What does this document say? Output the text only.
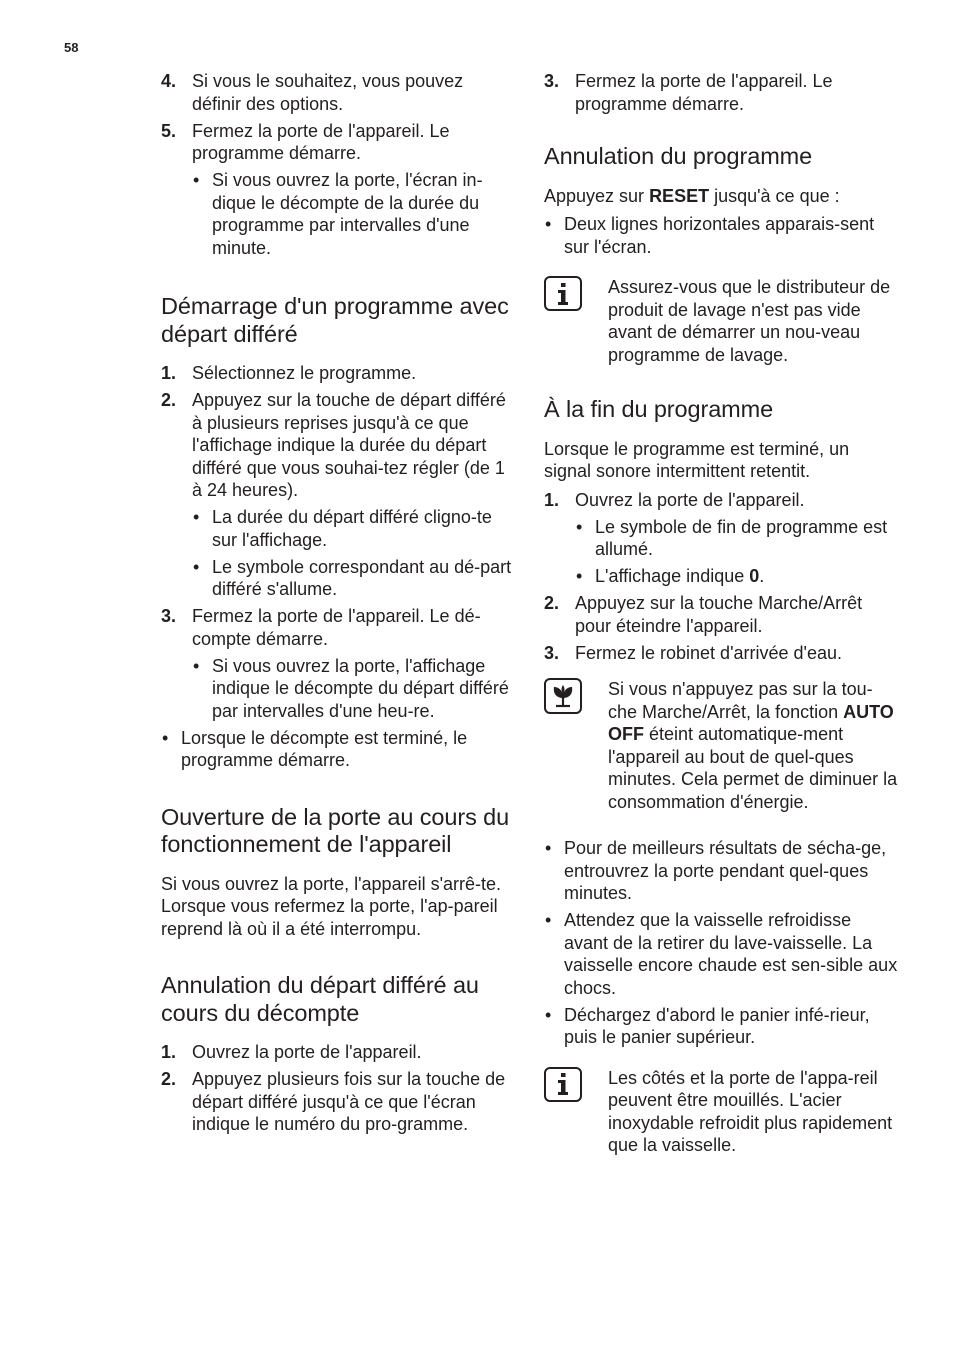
58
4. Si vous le souhaitez, vous pouvez définir des options.
5. Fermez la porte de l'appareil. Le programme démarre.
• Si vous ouvrez la porte, l'écran in-dique le décompte de la durée du programme par intervalles d'une minute.
Démarrage d'un programme avec départ différé
1. Sélectionnez le programme.
2. Appuyez sur la touche de départ différé à plusieurs reprises jusqu'à ce que l'affichage indique la durée du départ différé que vous souhai-tez régler (de 1 à 24 heures).
• La durée du départ différé cligno-te sur l'affichage.
• Le symbole correspondant au dé-part différé s'allume.
3. Fermez la porte de l'appareil. Le dé-compte démarre.
• Si vous ouvrez la porte, l'affichage indique le décompte du départ différé par intervalles d'une heu-re.
• Lorsque le décompte est terminé, le programme démarre.
Ouverture de la porte au cours du fonctionnement de l'appareil

Si vous ouvrez la porte, l'appareil s'arrê-te. Lorsque vous refermez la porte, l'ap-pareil reprend là où il a été interrompu.

Annulation du départ différé au cours du décompte
1. Ouvrez la porte de l'appareil.
2. Appuyez plusieurs fois sur la touche de départ différé jusqu'à ce que l'écran indique le numéro du pro-gramme.
3. Fermez la porte de l'appareil. Le programme démarre.
Annulation du programme

Appuyez sur RESET jusqu'à ce que :

• Deux lignes horizontales apparais-sent sur l'écran.
Assurez-vous que le distributeur de produit de lavage n'est pas vide avant de démarrer un nou-veau programme de lavage.
À la fin du programme

Lorsque le programme est terminé, un signal sonore intermittent retentit.

1. Ouvrez la porte de l'appareil.
• Le symbole de fin de programme est allumé.
• L'affichage indique 0.
2. Appuyez sur la touche Marche/Arrêt pour éteindre l'appareil.
3. Fermez le robinet d'arrivée d'eau.
Si vous n'appuyez pas sur la tou-che Marche/Arrêt, la fonction AUTO OFF éteint automatique-ment l'appareil au bout de quel-ques minutes. Cela permet de diminuer la consommation d'énergie.
• Pour de meilleurs résultats de sécha-ge, entrouvrez la porte pendant quel-ques minutes.
• Attendez que la vaisselle refroidisse avant de la retirer du lave-vaisselle. La vaisselle encore chaude est sen-sible aux chocs.
• Déchargez d'abord le panier infé-rieur, puis le panier supérieur.
Les côtés et la porte de l'appa-reil peuvent être mouillés. L'acier inoxydable refroidit plus rapidement que la vaisselle.
